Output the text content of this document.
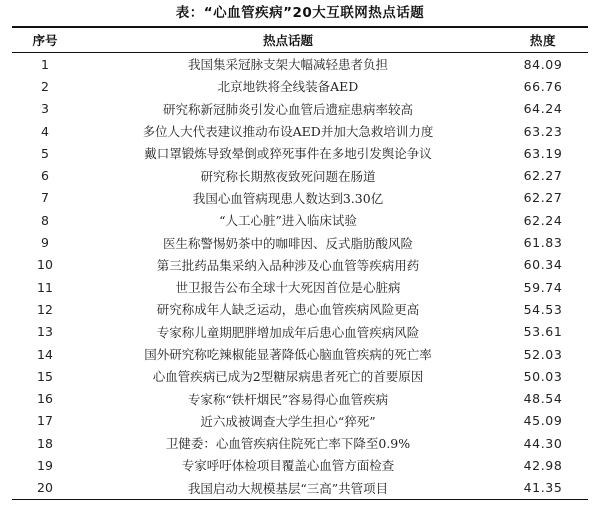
表：“心血管疾病”20大互联网热点话题
序号	热点话题	热度
1	我国集采冠脉支架大幅减轻患者负担	84.09
2	北京地铁将全线装备AED	66.76
3	研究称新冠肺炎引发心血管后遗症患病率较高	64.24
4	多位人大代表建议推动布设AED并加大急救培训力度	63.23
5	戴口罩锻炼导致晕倒或猝死事件在多地引发舆论争议	63.19
6	研究称长期熬夜致死问题在肠道	62.27
7	我国心血管病现患人数达到3.30亿	62.27
8	“人工心脏”进入临床试验	62.24
9	医生称警惕奶茶中的咖啡因、反式脂肪酸风险	61.83
10	第三批药品集采纳入品种涉及心血管等疾病用药	60.34
11	世卫报告公布全球十大死因首位是心脏病	59.74
12	研究称成年人缺乏运动，患心血管疾病风险更高	54.53
13	专家称儿童期肥胖增加成年后患心血管疾病风险	53.61
14	国外研究称吃辣椒能显著降低心脑血管疾病的死亡率	52.03
15	心血管疾病已成为2型糖尿病患者死亡的首要原因	50.03
16	专家称“铁杆烟民”容易得心血管疾病	48.54
17	近六成被调查大学生担心“猝死”	45.09
18	卫健委：心血管疾病住院死亡率下降至0.9%	44.30
19	专家呼吁体检项目覆盖心血管方面检查	42.98
20	我国启动大规模基层“三高”共管项目	41.35
